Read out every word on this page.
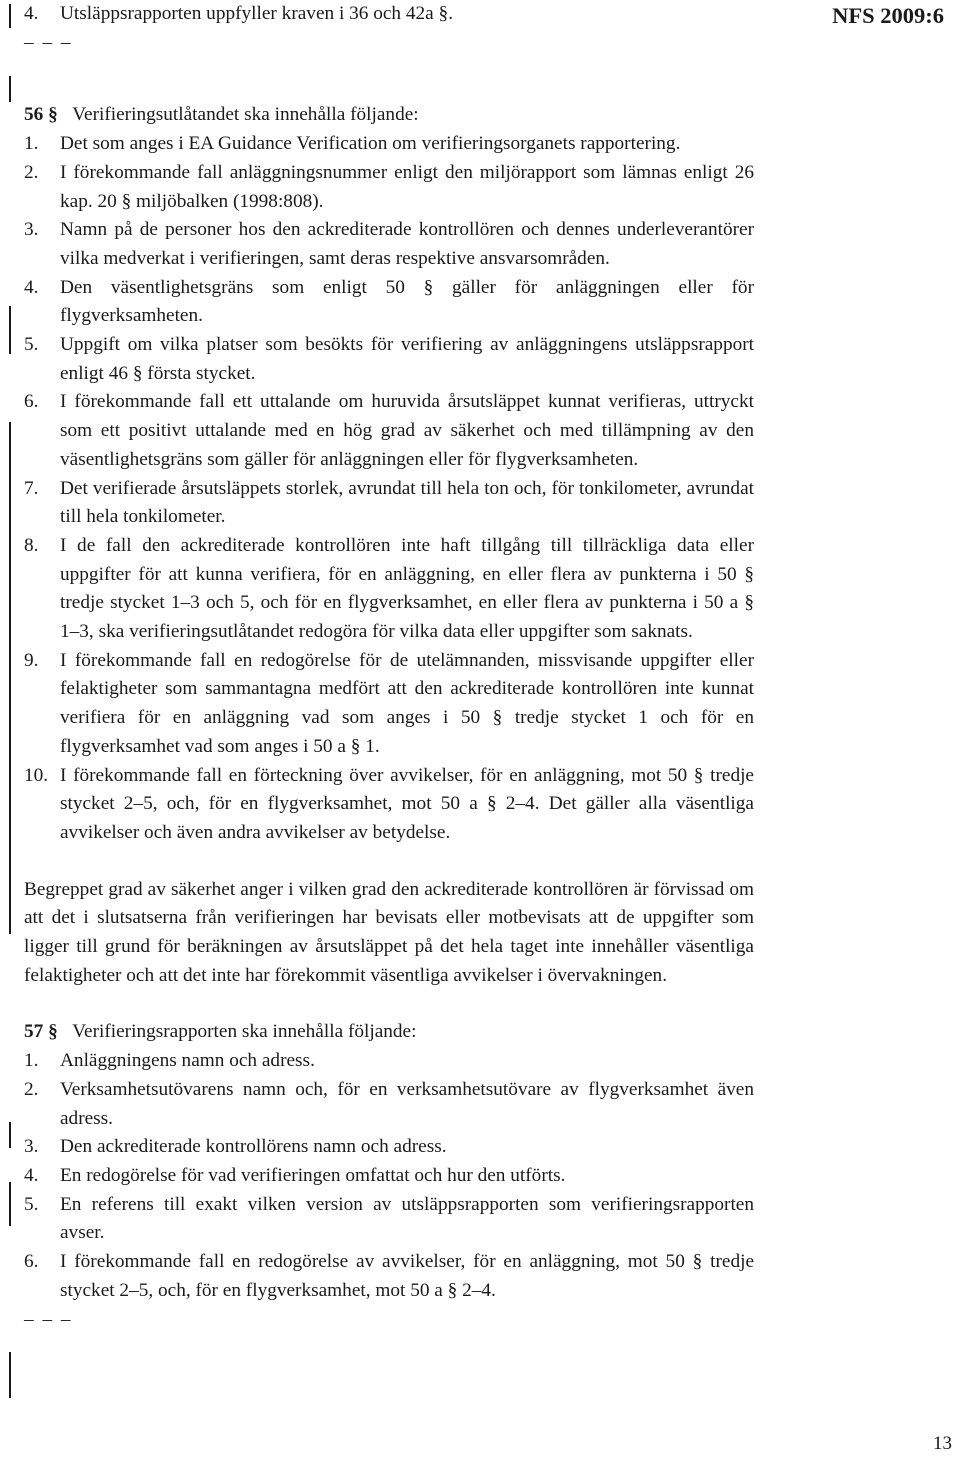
NFS 2009:6

4.	Utsläppsrapporten uppfyller kraven i 36 och 42a §.

– – –

56 § Verifieringsutlåtandet ska innehålla följande:

1.	Det som anges i EA Guidance Verification om verifieringsorganets rapportering.
2.	I förekommande fall anläggningsnummer enligt den miljörapport som lämnas enligt 26 kap. 20 § miljöbalken (1998:808).
3.	Namn på de personer hos den ackrediterade kontrollören och dennes underleverantörer vilka medverkat i verifieringen, samt deras respektive ansvarsområden.
4.	Den väsentlighetsgräns som enligt 50 § gäller för anläggningen eller för flygverksamheten.
5.	Uppgift om vilka platser som besökts för verifiering av anläggningens utsläppsrapport enligt 46 § första stycket.
6.	I förekommande fall ett uttalande om huruvida årsutsläppet kunnat verifieras, uttryckt som ett positivt uttalande med en hög grad av säkerhet och med tillämpning av den väsentlighetsgräns som gäller för anläggningen eller för flygverksamheten.
7.	Det verifierade årsutsläppets storlek, avrundat till hela ton och, för tonkilometer, avrundat till hela tonkilometer.
8.	I de fall den ackrediterade kontrollören inte haft tillgång till tillräckliga data eller uppgifter för att kunna verifiera, för en anläggning, en eller flera av punkterna i 50 § tredje stycket 1–3 och 5, och för en flygverksamhet, en eller flera av punkterna i 50 a § 1–3, ska verifieringsutlåtandet redogöra för vilka data eller uppgifter som saknats.
9.	I förekommande fall en redogörelse för de utelämnanden, missvisande uppgifter eller felaktigheter som sammantagna medfört att den ackrediterade kontrollören inte kunnat verifiera för en anläggning vad som anges i 50 § tredje stycket 1 och för en flygverksamhet vad som anges i 50 a § 1.
10. I förekommande fall en förteckning över avvikelser, för en anläggning, mot 50 § tredje stycket 2–5, och, för en flygverksamhet, mot 50 a § 2–4. Det gäller alla väsentliga avvikelser och även andra avvikelser av betydelse.

Begreppet grad av säkerhet anger i vilken grad den ackrediterade kontrollören är förvissad om att det i slutsatserna från verifieringen har bevisats eller motbevisats att de uppgifter som ligger till grund för beräkningen av årsutsläppet på det hela taget inte innehåller väsentliga felaktigheter och att det inte har förekommit väsentliga avvikelser i övervakningen.

57 § Verifieringsrapporten ska innehålla följande:

1.	Anläggningens namn och adress.
2.	Verksamhetsutövarens namn och, för en verksamhetsutövare av flygverksamhet även adress.
3.	Den ackrediterade kontrollörens namn och adress.
4.	En redogörelse för vad verifieringen omfattat och hur den utförts.
5.	En referens till exakt vilken version av utsläppsrapporten som verifieringsrapporten avser.
6.	I förekommande fall en redogörelse av avvikelser, för en anläggning, mot 50 § tredje stycket 2–5, och, för en flygverksamhet, mot 50 a § 2–4.

– – –

13
